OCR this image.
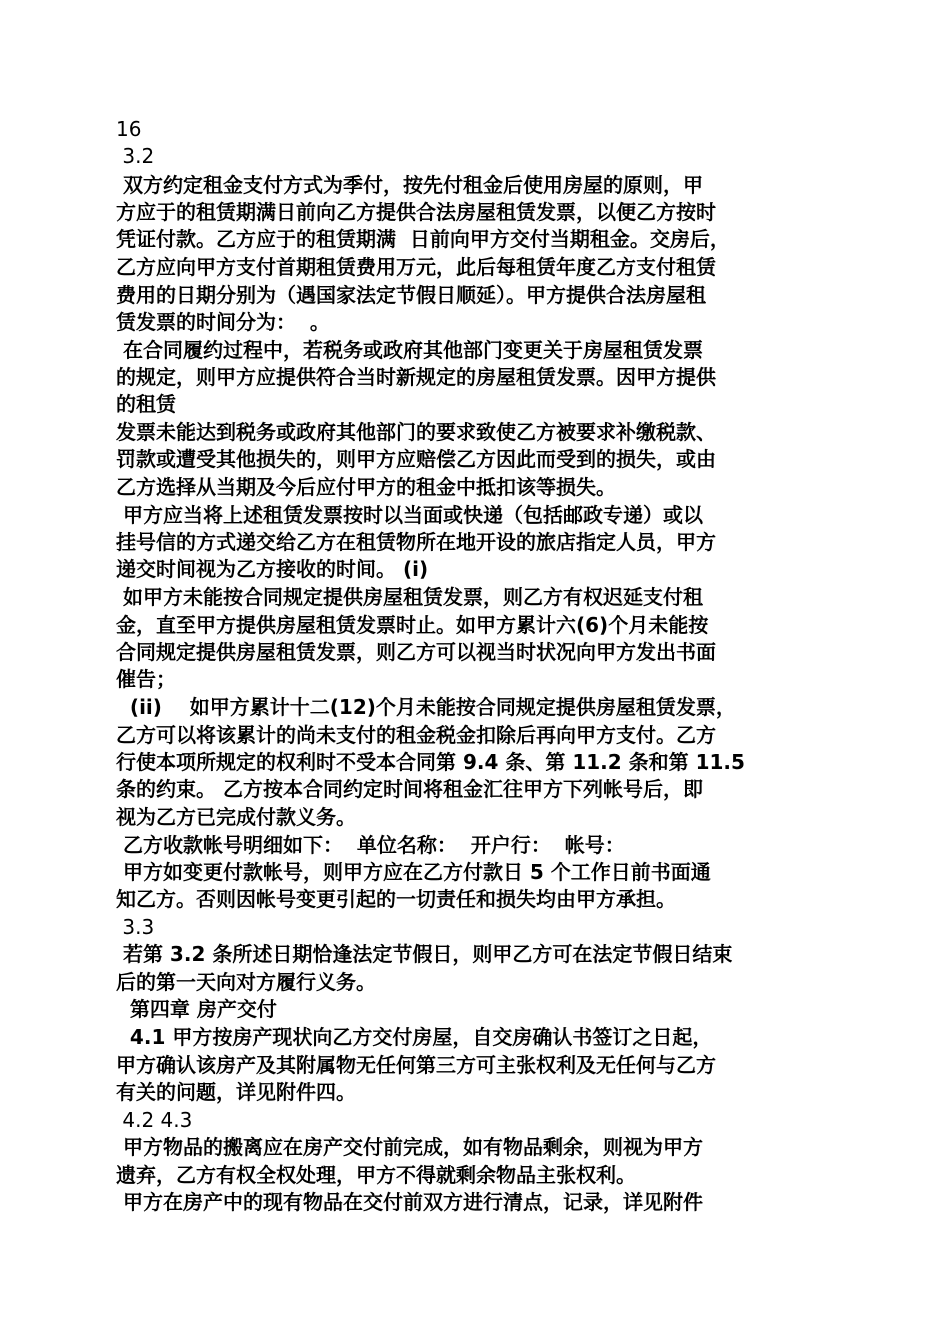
16

3.2

双方约定租金支付方式为季付，按先付租金后使用房屋的原则，甲

方应于的租赁期满日前向乙方提供合法房屋租赁发票，以便乙方按时

凭证付款。乙方应于的租赁期满  日前向甲方交付当期租金。交房后，

乙方应向甲方支付首期租赁费用万元，此后每租赁年度乙方支付租赁

费用的日期分别为（遇国家法定节假日顺延）。甲方提供合法房屋租

赁发票的时间分为：  。

在合同履约过程中，若税务或政府其他部门变更关于房屋租赁发票

的规定，则甲方应提供符合当时新规定的房屋租赁发票。因甲方提供

的租赁

发票未能达到税务或政府其他部门的要求致使乙方被要求补缴税款、

罚款或遭受其他损失的，则甲方应赔偿乙方因此而受到的损失，或由

乙方选择从当期及今后应付甲方的租金中抵扣该等损失。

甲方应当将上述租赁发票按时以当面或快递（包括邮政专递）或以

挂号信的方式递交给乙方在租赁物所在地开设的旅店指定人员，甲方

递交时间视为乙方接收的时间。 (i)

如甲方未能按合同规定提供房屋租赁发票，则乙方有权迟延支付租

金，直至甲方提供房屋租赁发票时止。如甲方累计六(6)个月未能按

合同规定提供房屋租赁发票，则乙方可以视当时状况向甲方发出书面

催告；

(ii)    如甲方累计十二(12)个月未能按合同规定提供房屋租赁发票，

乙方可以将该累计的尚未支付的租金税金扣除后再向甲方支付。乙方

行使本项所规定的权利时不受本合同第 9.4 条、第 11.2 条和第 11.5

条的约束。 乙方按本合同约定时间将租金汇往甲方下列帐号后，即

视为乙方已完成付款义务。

乙方收款帐号明细如下：  单位名称：  开户行：  帐号：

甲方如变更付款帐号，则甲方应在乙方付款日 5 个工作日前书面通

知乙方。否则因帐号变更引起的一切责任和损失均由甲方承担。

3.3

若第 3.2 条所述日期恰逢法定节假日，则甲乙方可在法定节假日结束

后的第一天向对方履行义务。

第四章 房产交付

4.1 甲方按房产现状向乙方交付房屋，自交房确认书签订之日起，

甲方确认该房产及其附属物无任何第三方可主张权利及无任何与乙方

有关的问题，详见附件四。

4.2 4.3

甲方物品的搬离应在房产交付前完成，如有物品剩余，则视为甲方

遗弃，乙方有权全权处理，甲方不得就剩余物品主张权利。

甲方在房产中的现有物品在交付前双方进行清点，记录，详见附件
